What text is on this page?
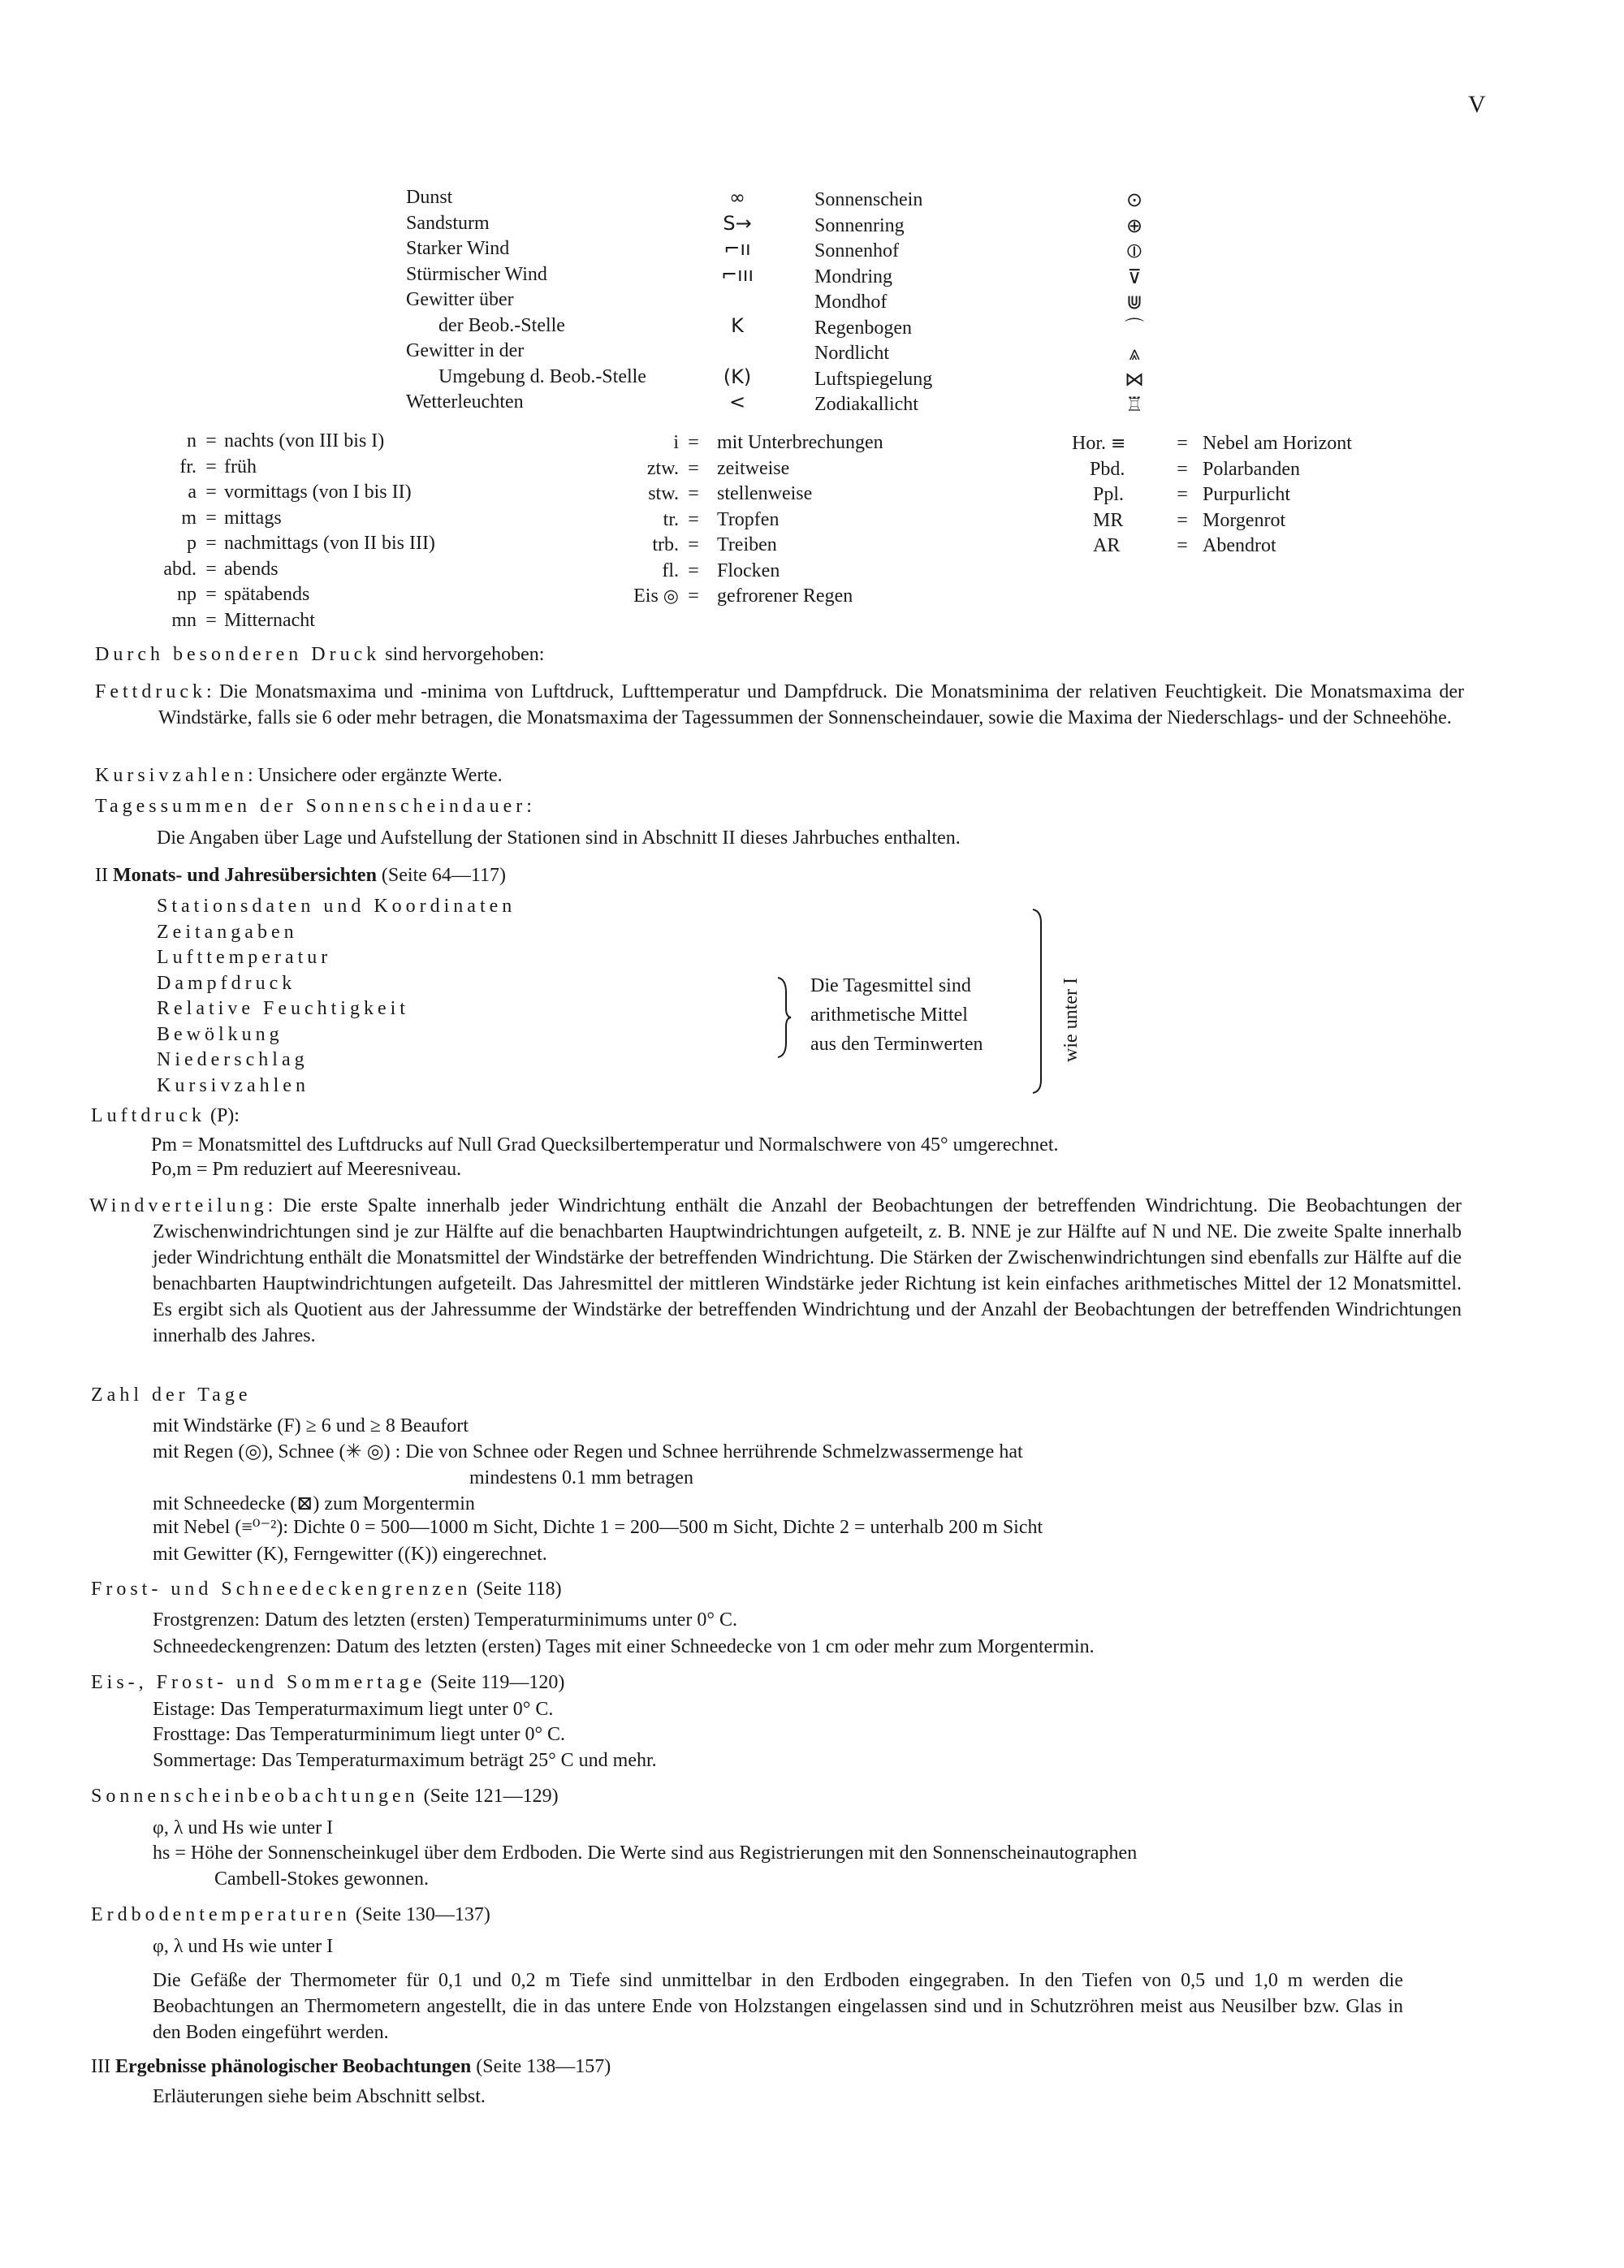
V
Dunst
Sandsturm
Starker Wind
Stürmischer Wind
Gewitter über
der Beob.-Stelle
Gewitter in der
Umgebung d. Beob.-Stelle
Wetterleuchten
∞
S→
⌐ıı
⌐ııı
K
(K)
<
Sonnenschein
Sonnenring
Sonnenhof
Mondring
Mondhof
Regenbogen
Nordlicht
Luftspiegelung
Zodiakallicht
⊙
⊕
⦶
⊽
⋓
⌒
⩓
⋈
♖
n
fr.
a
m
p
abd.
np
mn
=
=
=
=
=
=
=
=
nachts (von III bis I)
früh
vormittags (von I bis II)
mittags
nachmittags (von II bis III)
abends
spätabends
Mitternacht
i
ztw.
stw.
tr.
trb.
fl.
Eis ◎
=
=
=
=
=
=
=
mit Unterbrechungen
zeitweise
stellenweise
Tropfen
Treiben
Flocken
gefrorener Regen
Hor. ≡
Pbd.
Ppl.
MR
AR
=
=
=
=
=
Nebel am Horizont
Polarbanden
Purpurlicht
Morgenrot
Abendrot
Durch besonderen Druck sind hervorgehoben:
Fettdruck: Die Monatsmaxima und -minima von Luftdruck, Lufttemperatur und Dampfdruck. Die Monatsminima der relativen Feuchtigkeit. Die Monatsmaxima der Windstärke, falls sie 6 oder mehr betragen, die Monatsmaxima der Tagessummen der Sonnenscheindauer, sowie die Maxima der Niederschlags- und der Schneehöhe.
Kursivzahlen: Unsichere oder ergänzte Werte.
Tagessummen der Sonnenscheindauer:
Die Angaben über Lage und Aufstellung der Stationen sind in Abschnitt II dieses Jahrbuches enthalten.
II Monats- und Jahresübersichten (Seite 64—117)
Stationsdaten und Koordinaten
Zeitangaben
Lufttemperatur
Dampfdruck
Relative Feuchtigkeit
Bewölkung
Niederschlag
Kursivzahlen
Die Tagesmittel sind
arithmetische Mittel
aus den Terminwerten	wie unter I
Luftdruck (P):
Pm = Monatsmittel des Luftdrucks auf Null Grad Quecksilbertemperatur und Normalschwere von 45° umgerechnet.
Po,m = Pm reduziert auf Meeresniveau.
Windverteilung: Die erste Spalte innerhalb jeder Windrichtung enthält die Anzahl der Beobachtungen der betreffenden Windrichtung. Die Beobachtungen der Zwischenwindrichtungen sind je zur Hälfte auf die benachbarten Hauptwindrichtungen aufgeteilt, z. B. NNE je zur Hälfte auf N und NE. Die zweite Spalte innerhalb jeder Windrichtung enthält die Monatsmittel der Windstärke der betreffenden Windrichtung. Die Stärken der Zwischenwindrichtungen sind ebenfalls zur Hälfte auf die benachbarten Hauptwindrichtungen aufgeteilt. Das Jahresmittel der mittleren Windstärke jeder Richtung ist kein einfaches arithmetisches Mittel der 12 Monatsmittel. Es ergibt sich als Quotient aus der Jahressumme der Windstärke der betreffenden Windrichtung und der Anzahl der Beobachtungen der betreffenden Windrichtungen innerhalb des Jahres.
Zahl der Tage
mit Windstärke (F) ≥ 6 und ≥ 8 Beaufort
mit Regen (◎), Schnee (✳ ◎) : Die von Schnee oder Regen und Schnee herrührende Schmelzwassermenge hat
mindestens 0.1 mm betragen
mit Schneedecke (⊠) zum Morgentermin
mit Nebel (≡⁰⁻²): Dichte 0 = 500—1000 m Sicht, Dichte 1 = 200—500 m Sicht, Dichte 2 = unterhalb 200 m Sicht
mit Gewitter (K), Ferngewitter ((K)) eingerechnet.
Frost- und Schneedeckengrenzen (Seite 118)
Frostgrenzen: Datum des letzten (ersten) Temperaturminimums unter 0° C.
Schneedeckengrenzen: Datum des letzten (ersten) Tages mit einer Schneedecke von 1 cm oder mehr zum Morgentermin.
Eis-, Frost- und Sommertage (Seite 119—120)
Eistage: Das Temperaturmaximum liegt unter 0° C.
Frosttage: Das Temperaturminimum liegt unter 0° C.
Sommertage: Das Temperaturmaximum beträgt 25° C und mehr.
Sonnenscheinbeobachtungen (Seite 121—129)
φ, λ und Hs wie unter I
hs = Höhe der Sonnenscheinkugel über dem Erdboden. Die Werte sind aus Registrierungen mit den Sonnenscheinautographen
Cambell-Stokes gewonnen.
Erdbodentemperaturen (Seite 130—137)
φ, λ und Hs wie unter I
Die Gefäße der Thermometer für 0,1 und 0,2 m Tiefe sind unmittelbar in den Erdboden eingegraben. In den Tiefen von 0,5 und 1,0 m werden die Beobachtungen an Thermometern angestellt, die in das untere Ende von Holzstangen eingelassen sind und in Schutzröhren meist aus Neusilber bzw. Glas in den Boden eingeführt werden.
III Ergebnisse phänologischer Beobachtungen (Seite 138—157)
Erläuterungen siehe beim Abschnitt selbst.
